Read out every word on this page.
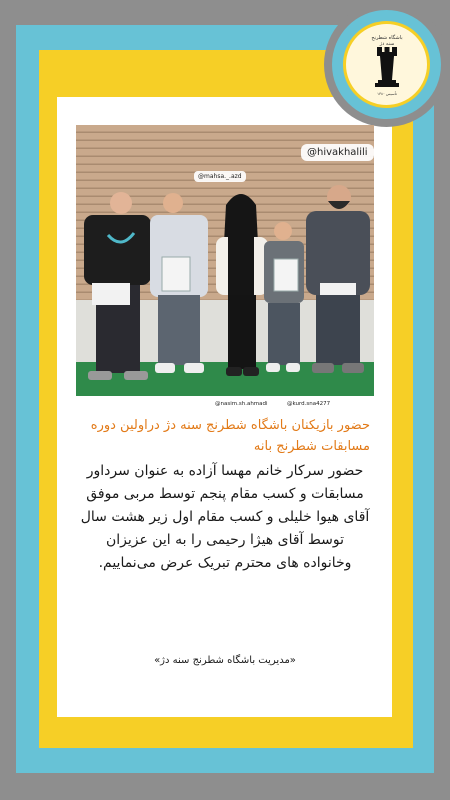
باشگاه شطرنج
سنه دژ
تأسیس ۱۳۸۰
@hivakhalili
@mahsa._.azd
@nasim.sh.ahmadi	@kurd.sna4277
حضور بازیکنان باشگاه شطرنج سنه دژ دراولین دوره مسابقات شطرنج بانه
حضور سرکار خانم مهسا آزاده به عنوان سرداور مسابقات و کسب مقام پنجم توسط مربی موفق آقای هیوا خلیلی و کسب مقام اول زیر هشت سال توسط آقای هیژا رحیمی را به این عزیزان وخانواده های محترم تبریک عرض می‌نماییم.
«مدیریت باشگاه شطرنج سنه دژ»
